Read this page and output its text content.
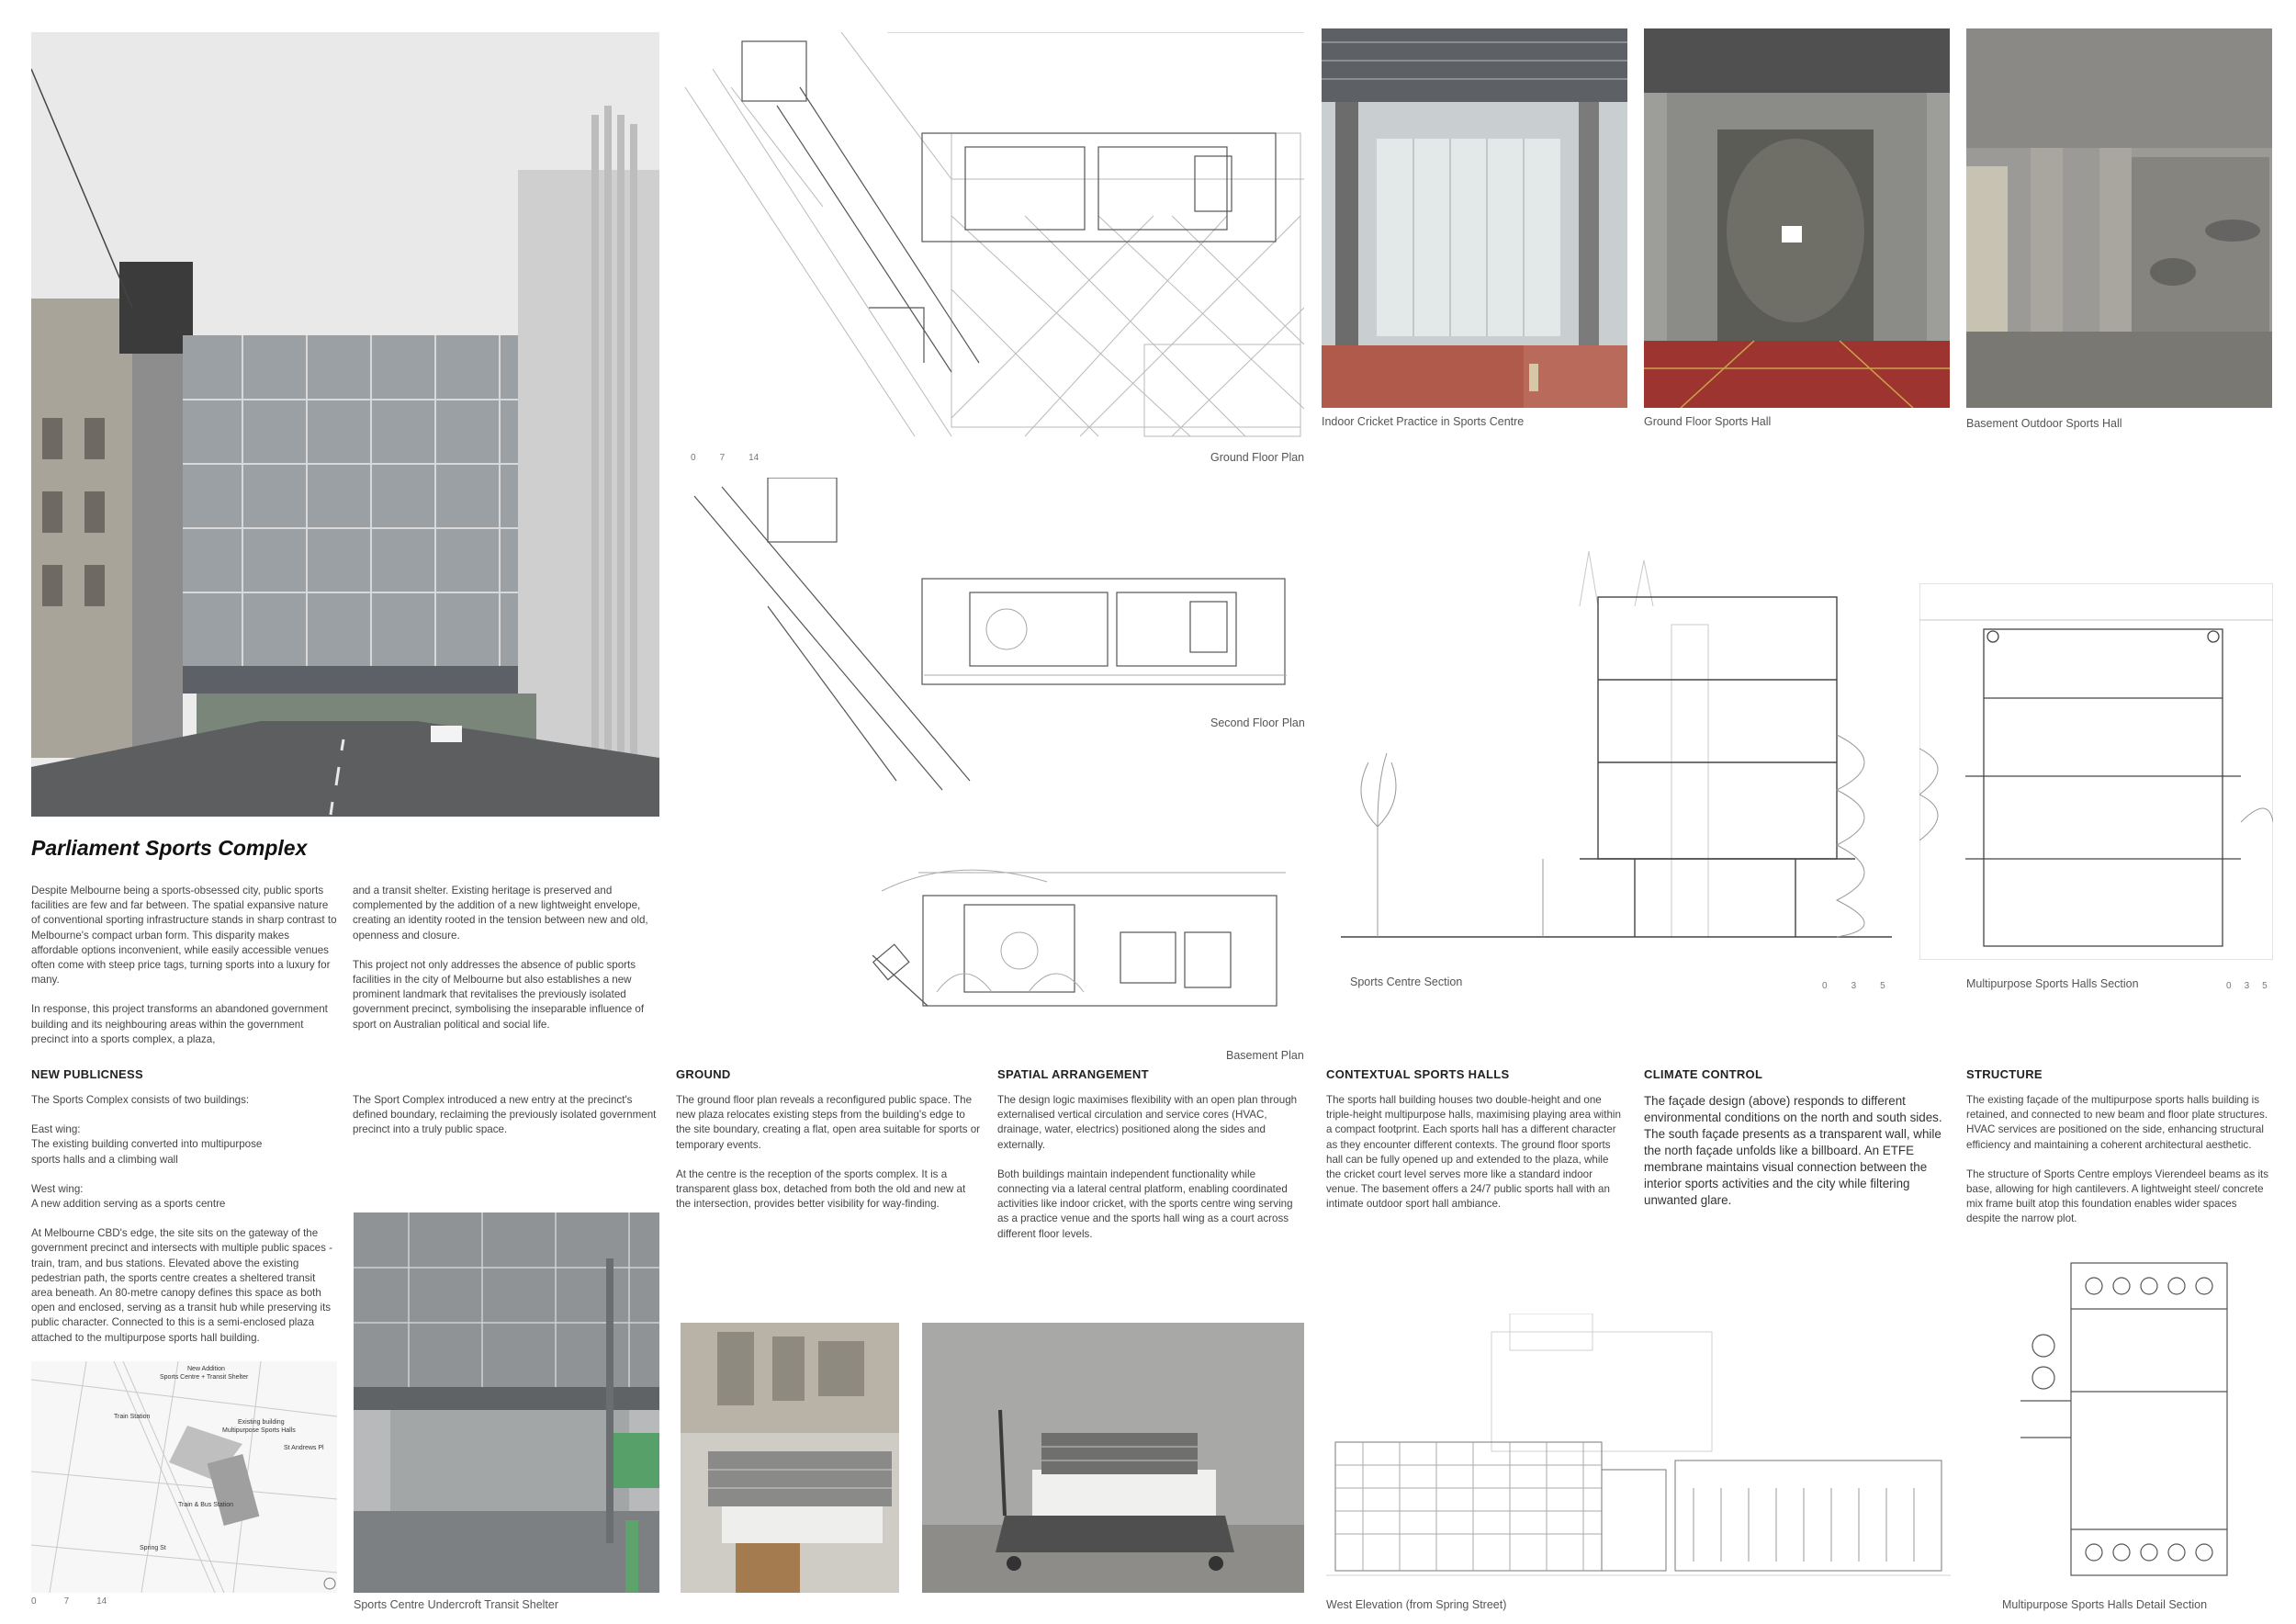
0	7	14	Ground Floor Plan
Second Floor Plan
Basement Plan
Indoor Cricket Practice in Sports Centre	Ground Floor Sports Hall	Basement Outdoor Sports Hall
Sports Centre Section	0	3	5	Multipurpose Sports Halls Section	0 3 5
Parliament Sports Complex

Despite Melbourne being a sports-obsessed city, public sports facilities are few and far between. The spatial expansive nature of conventional sporting infrastructure stands in sharp contrast to Melbourne's compact urban form. This disparity makes affordable options inconvenient, while easily accessible venues often come with steep price tags, turning sports into a luxury for many.

In response, this project transforms an abandoned government building and its neighbouring areas within the government precinct into a sports complex, a plaza,

and a transit shelter. Existing heritage is preserved and complemented by the addition of a new lightweight envelope, creating an identity rooted in the tension between new and old, openness and closure.

This project not only addresses the absence of public sports facilities in the city of Melbourne but also establishes a new prominent landmark that revitalises the previously isolated government precinct, symbolising the inseparable influence of sport on Australian political and social life.

NEW PUBLICNESS

The Sports Complex consists of two buildings:

East wing:The existing building converted into multipurpose sports halls and a climbing wall

West wing:A new addition serving as a sports centre

At Melbourne CBD's edge, the site sits on the gateway of the government precinct and intersects with multiple public spaces - train, tram, and bus stations. Elevated above the existing pedestrian path, the sports centre creates a sheltered transit area beneath. An 80-metre canopy defines this space as both open and enclosed, serving as a transit hub while preserving its public character. Connected to this is a semi-enclosed plaza attached to the multipurpose sports hall building.

The Sport Complex introduced a new entry at the precinct's defined boundary, reclaiming the previously isolated government precinct into a truly public space.
GROUND

The ground floor plan reveals a reconfigured public space. The new plaza relocates existing steps from the building's edge to the site boundary, creating a flat, open area suitable for sports or temporary events.

At the centre is the reception of the sports complex. It is a transparent glass box, detached from both the old and new at the intersection, provides better visibility for way-finding.

SPATIAL ARRANGEMENT

The design logic maximises flexibility with an open plan through externalised vertical circulation and service cores (HVAC, drainage, water, electrics) positioned along the sides and externally.

Both buildings maintain independent functionality while connecting via a lateral central platform, enabling coordinated activities like indoor cricket, with the sports centre wing serving as a practice venue and the sports hall wing as a court across different floor levels.

CONTEXTUAL SPORTS HALLS
The sports hall building houses two double-height and one triple-height multipurpose halls, maximising playing area within a compact footprint. Each sports hall has a different character as they encounter different contexts. The ground floor sports hall can be fully opened up and extended to the plaza, while the cricket court level serves more like a standard indoor venue. The basement offers a 24/7 public sports hall with an intimate outdoor sport hall ambiance.
CLIMATE CONTROL
The façade design (above) responds to different environmental conditions on the north and south sides. The south façade presents as a transparent wall, while the north façade unfolds like a billboard. An ETFE membrane maintains visual connection between the interior sports activities and the city while filtering unwanted glare.
STRUCTURE

The existing façade of the multipurpose sports halls building is retained, and connected to new beam and floor plate structures. HVAC services are positioned on the side, enhancing structural efficiency and maintaining a coherent architectural aesthetic.

The structure of Sports Centre employs Vierendeel beams as its base, allowing for high cantilevers. A lightweight steel/ concrete mix frame built atop this foundation enables wider spaces despite the narrow plot.

New Addition
Sports Centre + Transit Shelter
Train Station
Existing building
Multipurpose Sports Halls
Train & Bus Station
St Andrews Pl
Spring St
0	7	14	Sports Centre Undercroft Transit Shelter	West Elevation (from Spring Street)	Multipurpose Sports Halls Detail Section
